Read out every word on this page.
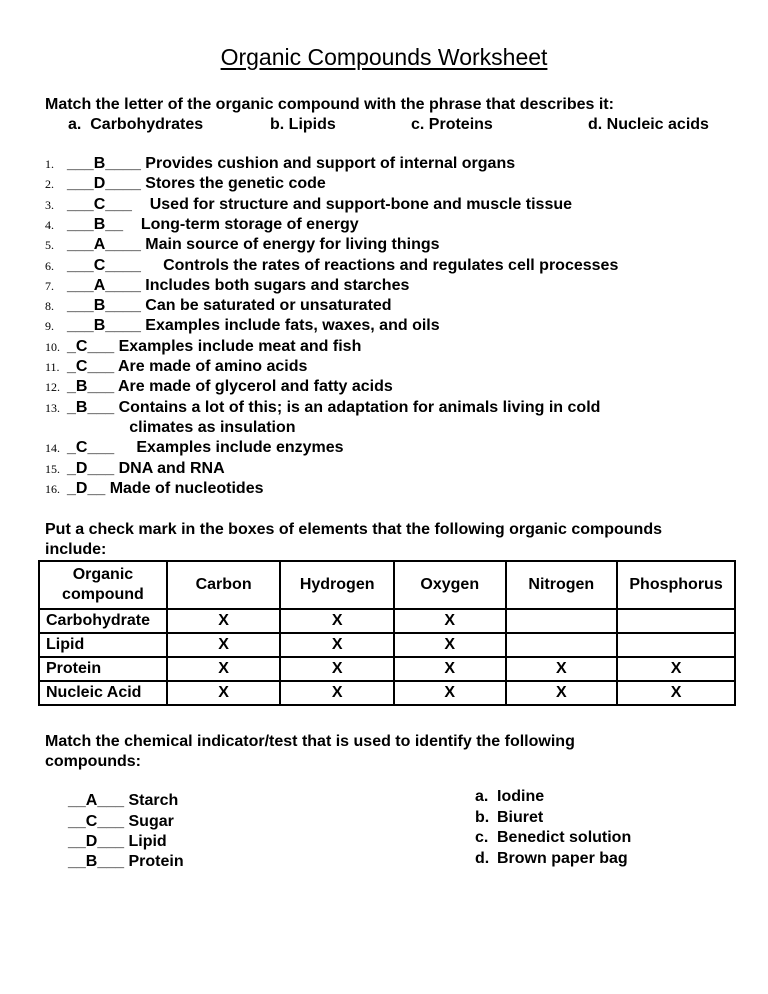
Organic Compounds Worksheet
Match the letter of the organic compound with the phrase that describes it:
a.  Carbohydrates	b. Lipids	c. Proteins	d. Nucleic acids
1. ___B____ Provides cushion and support of internal organs
2. ___D____ Stores the genetic code
3. ___C___    Used for structure and support-bone and muscle tissue
4. ___B__    Long-term storage of energy
5. ___A____ Main source of energy for living things
6. ___C____     Controls the rates of reactions and regulates cell processes
7. ___A____ Includes both sugars and starches
8. ___B____ Can be saturated or unsaturated
9. ___B____ Examples include fats, waxes, and oils
10. _C___ Examples include meat and fish
11. _C___ Are made of amino acids
12. _B___ Are made of glycerol and fatty acids
13. _B___ Contains a lot of this; is an adaptation for animals living in cold
climates as insulation
14. _C___     Examples include enzymes
15. _D___ DNA and RNA
16. _D__ Made of nucleotides
Put a check mark in the boxes of elements that the following organic compounds
include:
Organic
compound	Carbon	Hydrogen	Oxygen	Nitrogen	Phosphorus
Carbohydrate	X	X	X		
Lipid	X	X	X		
Protein	X	X	X	X	X
Nucleic Acid	X	X	X	X	X
Match the chemical indicator/test that is used to identify the following
compounds:
__A___ Starch
__C___ Sugar
__D___ Lipid
__B___ Protein
a. Iodine
b. Biuret
c. Benedict solution
d. Brown paper bag
